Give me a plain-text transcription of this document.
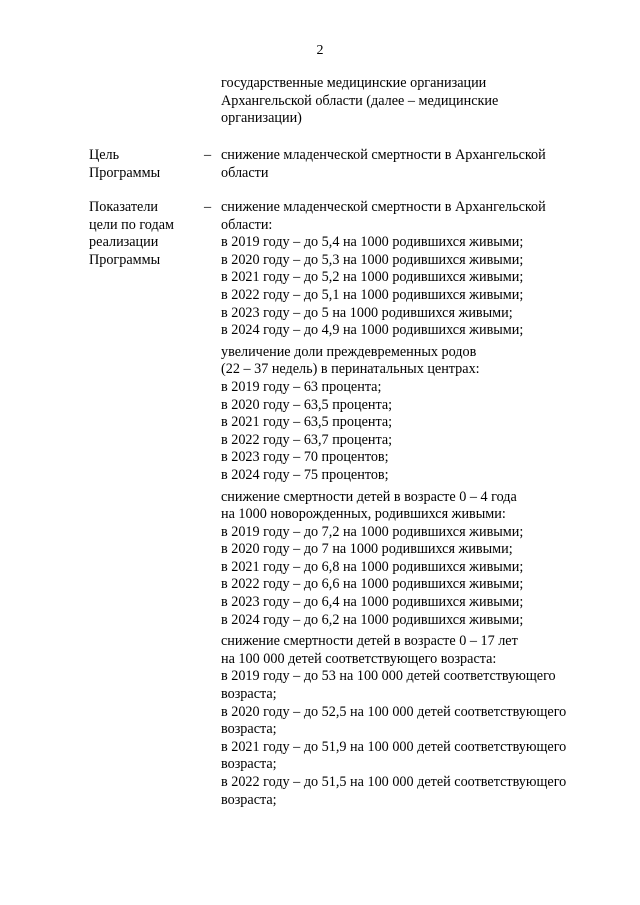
2
государственные медицинские организации
Архангельской области (далее – медицинские
организации)
Цель
Программы
– снижение младенческой смертности в Архангельской
области
Показатели
цели по годам
реализации
Программы
– снижение младенческой смертности в Архангельской
области:
в 2019 году – до 5,4 на 1000 родившихся живыми;
в 2020 году – до 5,3 на 1000 родившихся живыми;
в 2021 году – до 5,2 на 1000 родившихся живыми;
в 2022 году – до 5,1 на 1000 родившихся живыми;
в 2023 году – до 5 на 1000 родившихся живыми;
в 2024 году – до 4,9 на 1000 родившихся живыми;
увеличение доли преждевременных родов
(22 – 37 недель) в перинатальных центрах:
в 2019 году – 63 процента;
в 2020 году – 63,5 процента;
в 2021 году – 63,5 процента;
в 2022 году – 63,7 процента;
в 2023 году – 70 процентов;
в 2024 году – 75 процентов;
снижение смертности детей в возрасте 0 – 4 года
на 1000 новорожденных, родившихся живыми:
в 2019 году – до 7,2 на 1000 родившихся живыми;
в 2020 году – до 7 на 1000 родившихся живыми;
в 2021 году – до 6,8 на 1000 родившихся живыми;
в 2022 году – до 6,6 на 1000 родившихся живыми;
в 2023 году – до 6,4 на 1000 родившихся живыми;
в 2024 году – до 6,2 на 1000 родившихся живыми;
снижение смертности детей в возрасте 0 – 17 лет
на 100 000 детей соответствующего возраста:
в 2019 году – до 53 на 100 000 детей соответствующего
возраста;
в 2020 году – до 52,5 на 100 000 детей соответствующего
возраста;
в 2021 году – до 51,9 на 100 000 детей соответствующего
возраста;
в 2022 году – до 51,5 на 100 000 детей соответствующего
возраста;
